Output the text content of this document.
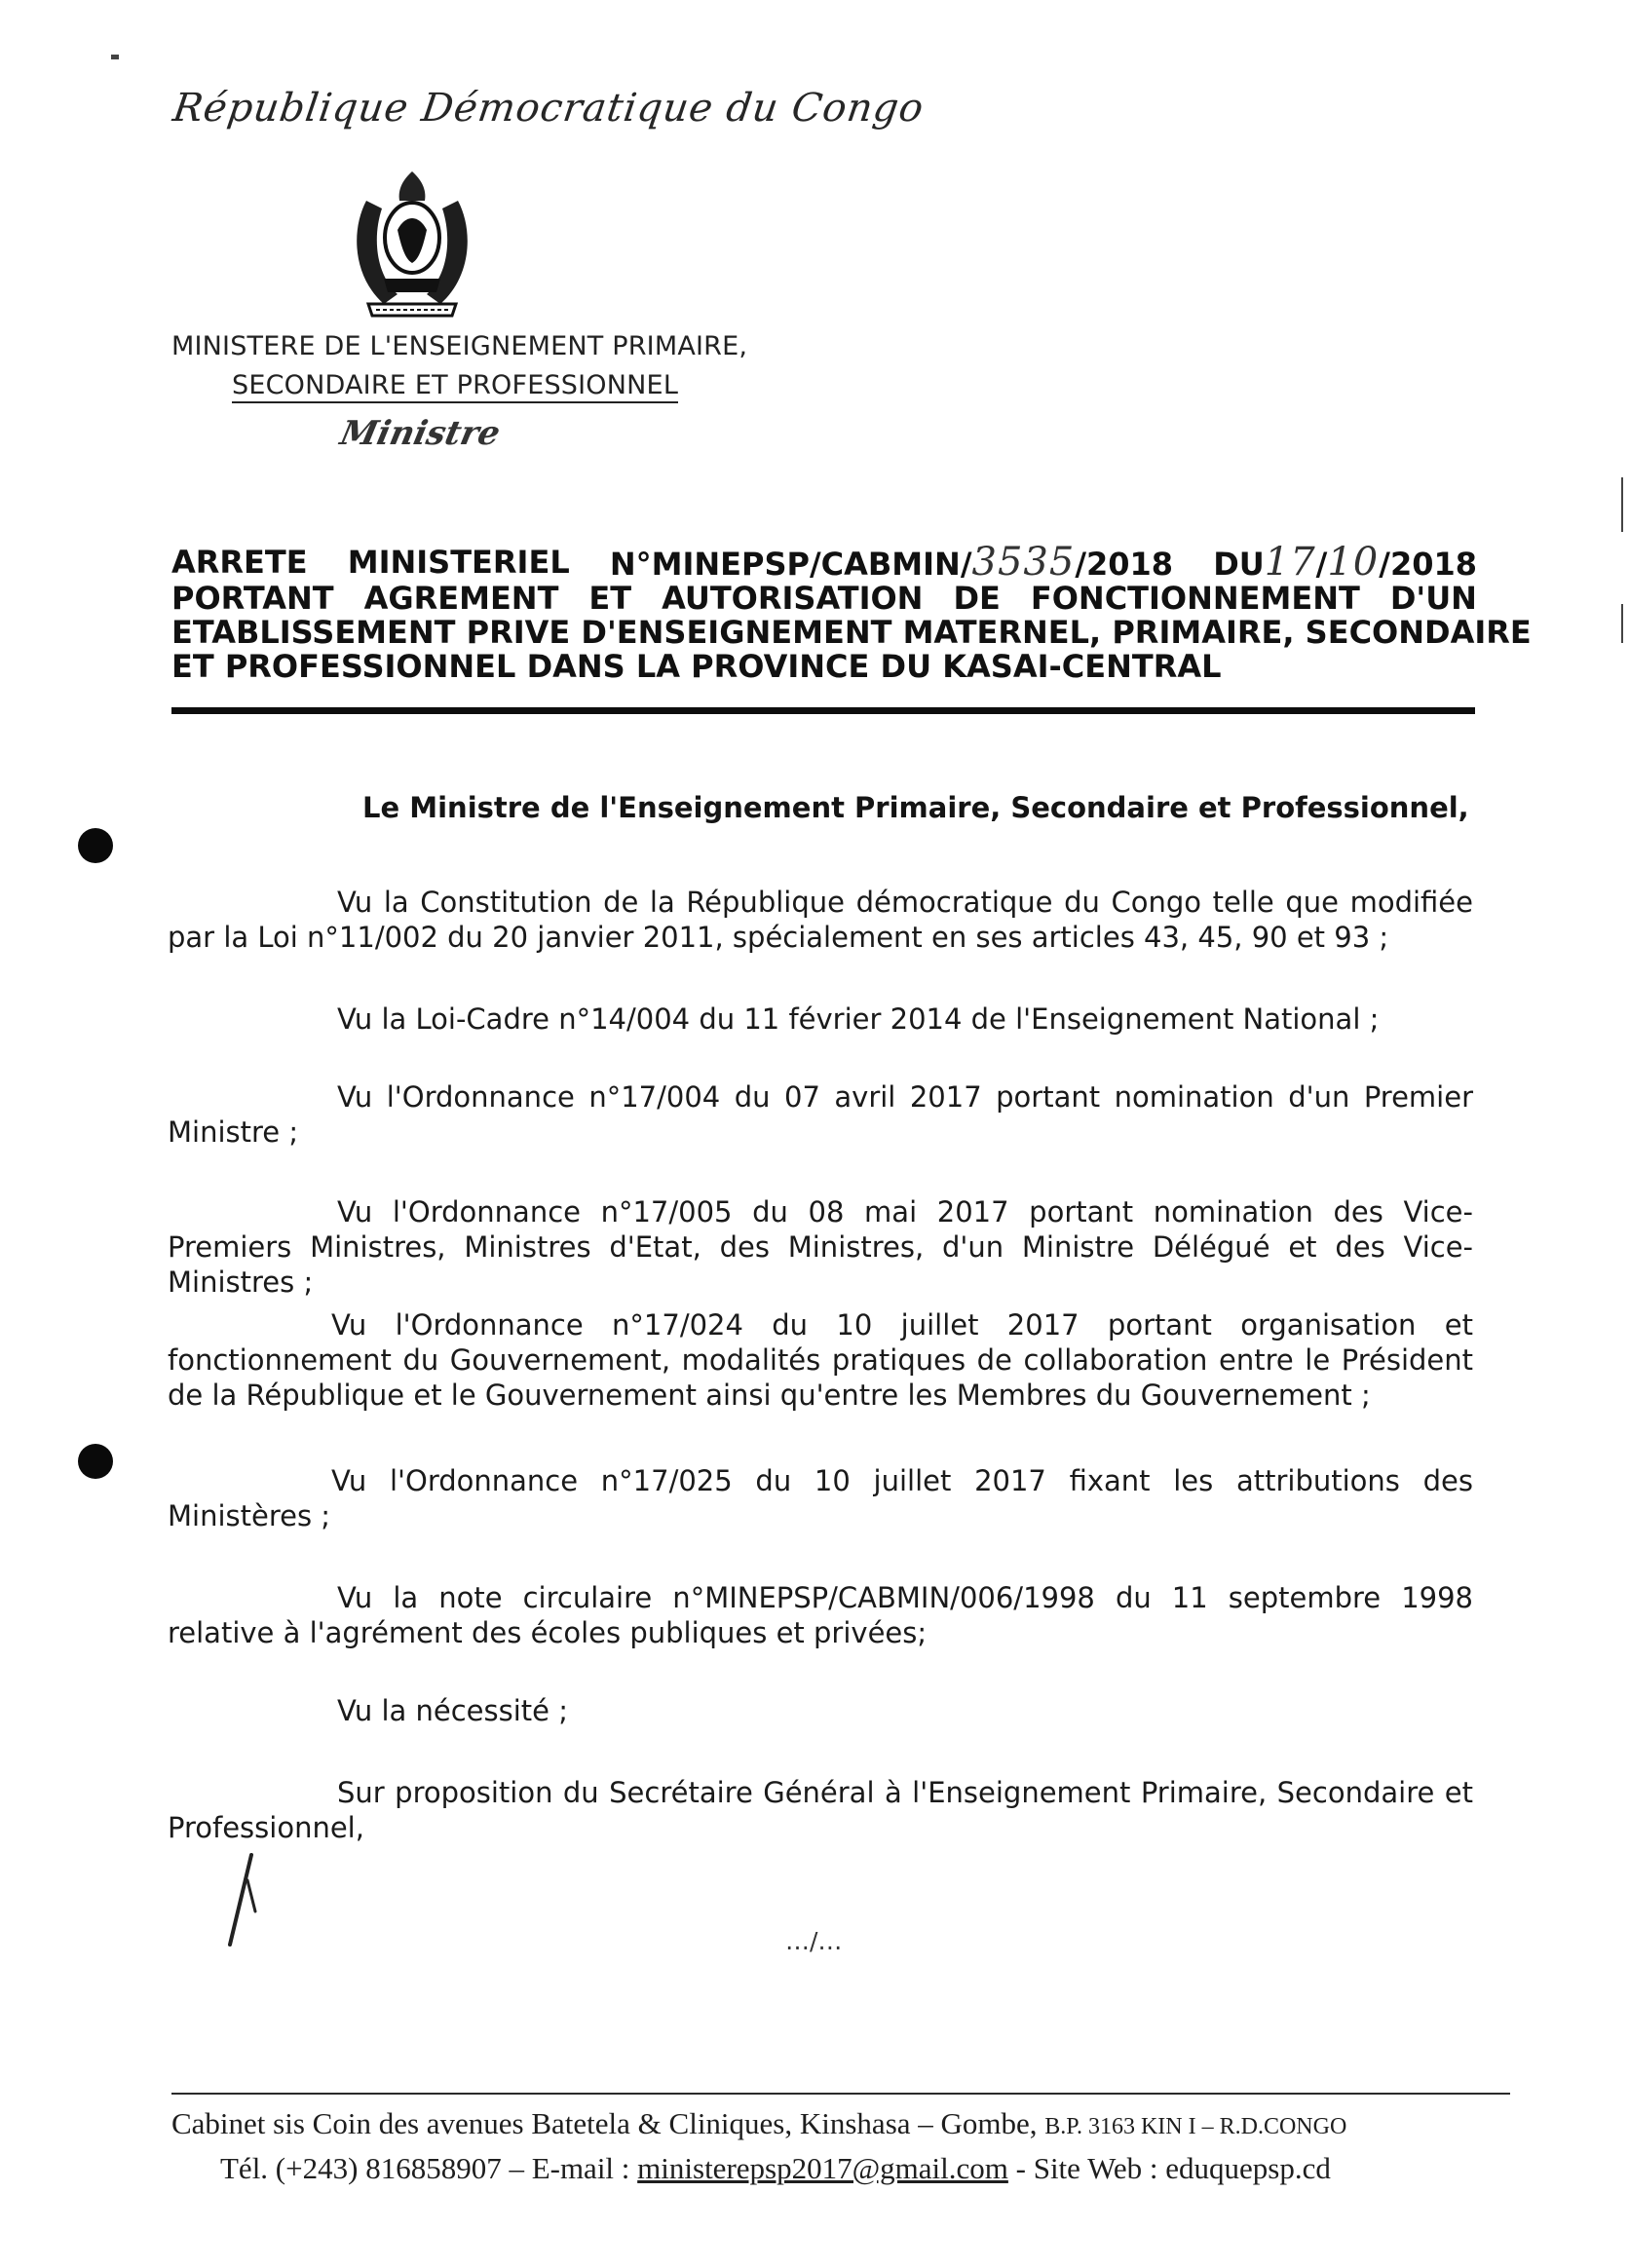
République Démocratique du Congo
MINISTERE DE L'ENSEIGNEMENT PRIMAIRE,
SECONDAIRE ET PROFESSIONNEL
Ministre
ARRETE MINISTERIEL N°MINEPSP/CABMIN/3535/2018 DU17/10/2018
PORTANT AGREMENT ET AUTORISATION DE FONCTIONNEMENT D'UN
ETABLISSEMENT PRIVE D'ENSEIGNEMENT MATERNEL, PRIMAIRE, SECONDAIRE
ET PROFESSIONNEL DANS LA PROVINCE DU KASAI-CENTRAL
Le Ministre de l'Enseignement Primaire, Secondaire et Professionnel,
Vu la Constitution de la République démocratique du Congo telle que modifiée par la Loi n°11/002 du 20 janvier 2011, spécialement en ses articles 43, 45, 90 et 93 ;
Vu la Loi-Cadre n°14/004 du 11 février 2014 de l'Enseignement National ;
Vu l'Ordonnance n°17/004 du 07 avril 2017 portant nomination d'un Premier Ministre ;
Vu l'Ordonnance n°17/005 du 08 mai 2017 portant nomination des Vice-Premiers Ministres, Ministres d'Etat, des Ministres, d'un Ministre Délégué et des Vice-Ministres ;
Vu l'Ordonnance n°17/024 du 10 juillet 2017 portant organisation et fonctionnement du Gouvernement, modalités pratiques de collaboration entre le Président de la République et le Gouvernement ainsi qu'entre les Membres du Gouvernement ;
Vu l'Ordonnance n°17/025 du 10 juillet 2017 fixant les attributions des Ministères ;
Vu la note circulaire n°MINEPSP/CABMIN/006/1998 du 11 septembre 1998 relative à l'agrément des écoles publiques et privées;
Vu la nécessité ;
Sur proposition du Secrétaire Général à l'Enseignement Primaire, Secondaire et Professionnel,
…/…
Cabinet sis Coin des avenues Batetela & Cliniques, Kinshasa – Gombe, B.P. 3163 KIN I – R.D.CONGO
Tél. (+243) 816858907 – E-mail : ministerepsp2017@gmail.com - Site Web : eduquepsp.cd
